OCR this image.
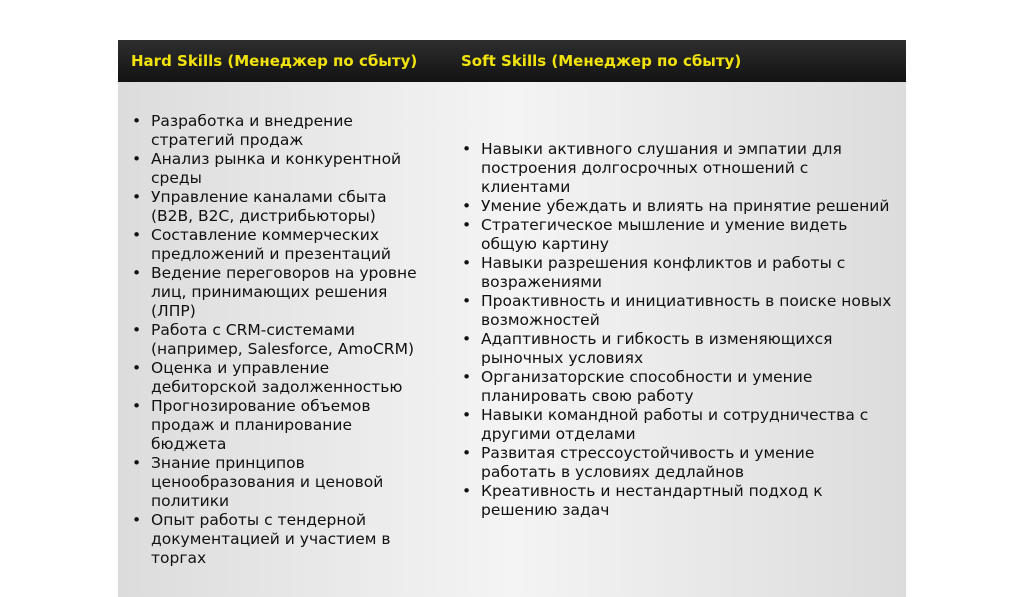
Hard Skills (Менеджер по сбыту)	Soft Skills (Менеджер по сбыту)
• Разработка и внедрение стратегий продаж
• Анализ рынка и конкурентной среды
• Управление каналами сбыта (B2B, B2C, дистрибьюторы)
• Составление коммерческих предложений и презентаций
• Ведение переговоров на уровне лиц, принимающих решения (ЛПР)
• Работа с CRM-системами (например, Salesforce, AmoCRM)
• Оценка и управление дебиторской задолженностью
• Прогнозирование объемов продаж и планирование бюджета
• Знание принципов ценообразования и ценовой политики
• Опыт работы с тендерной документацией и участием в торгах
• Навыки активного слушания и эмпатии для построения долгосрочных отношений с клиентами
• Умение убеждать и влиять на принятие решений
• Стратегическое мышление и умение видеть общую картину
• Навыки разрешения конфликтов и работы с возражениями
• Проактивность и инициативность в поиске новых возможностей
• Адаптивность и гибкость в изменяющихся рыночных условиях
• Организаторские способности и умение планировать свою работу
• Навыки командной работы и сотрудничества с другими отделами
• Развитая стрессоустойчивость и умение работать в условиях дедлайнов
• Креативность и нестандартный подход к решению задач
